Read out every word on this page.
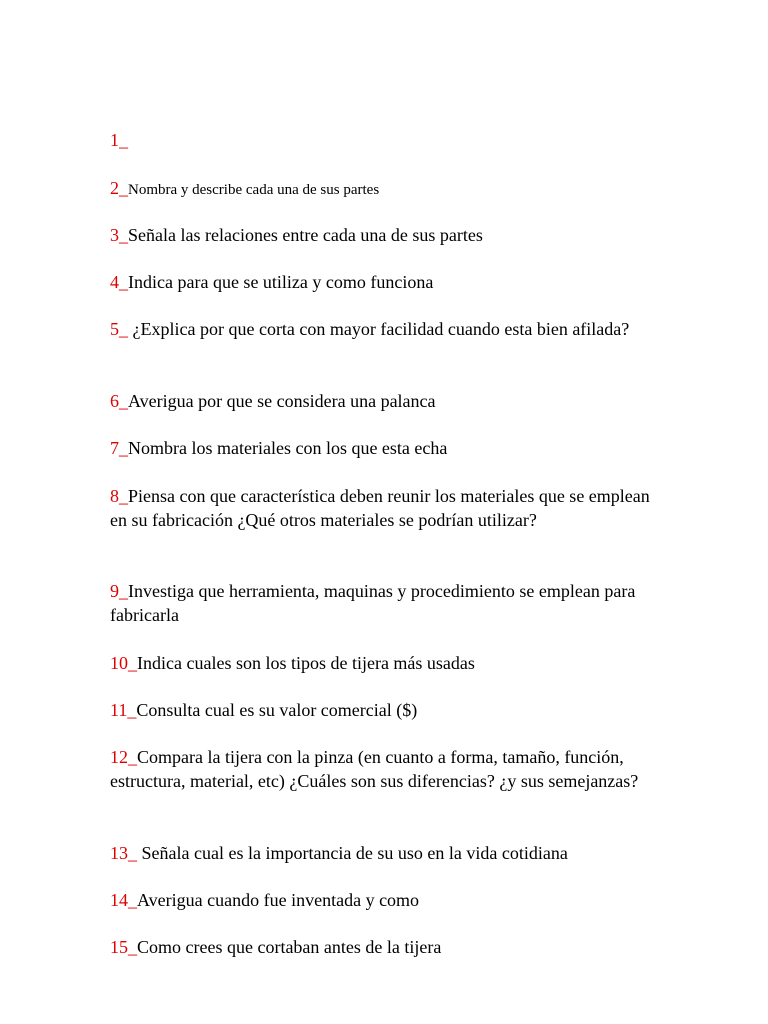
1_
2_Nombra y describe cada una de sus partes
3_Señala las relaciones entre cada una de sus partes
4_Indica para que se utiliza y como funciona
5_ ¿Explica por que corta con mayor facilidad cuando esta bien afilada?
6_Averigua por que se considera una palanca
7_Nombra los materiales con los que esta echa
8_Piensa con que característica deben reunir los materiales que se emplean en su fabricación ¿Qué otros materiales se podrían utilizar?
9_Investiga que herramienta, maquinas y procedimiento se emplean para fabricarla
10_Indica cuales son los tipos de tijera más usadas
11_Consulta cual es su valor comercial ($)
12_Compara la tijera con la pinza (en cuanto a forma, tamaño, función, estructura, material, etc) ¿Cuáles son sus diferencias? ¿y sus semejanzas?
13_ Señala cual es la importancia de su uso en la vida cotidiana
14_Averigua cuando fue inventada y como
15_Como crees que cortaban antes de la tijera
